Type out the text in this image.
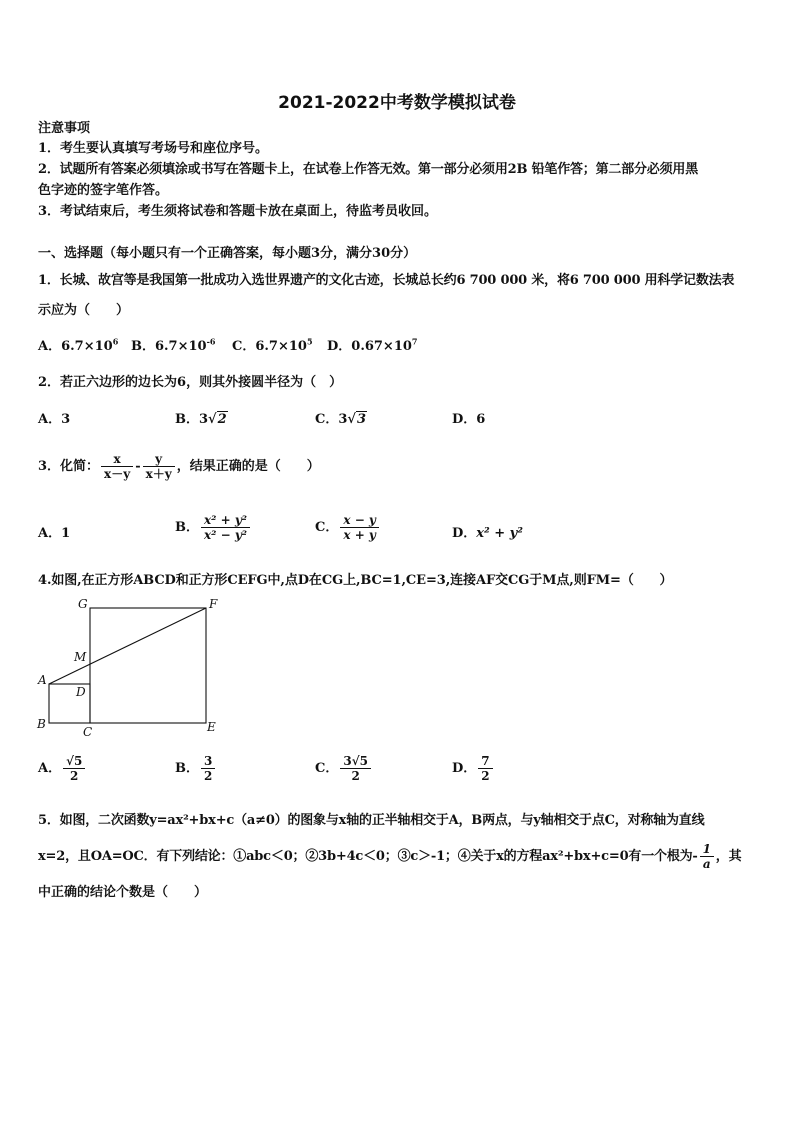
2021-2022中考数学模拟试卷
注意事项
1．考生要认真填写考场号和座位序号。
2．试题所有答案必须填涂或书写在答题卡上，在试卷上作答无效。第一部分必须用2B 铅笔作答；第二部分必须用黑
色字迹的签字笔作答。
3．考试结束后，考生须将试卷和答题卡放在桌面上，待监考员收回。
一、选择题（每小题只有一个正确答案，每小题3分，满分30分）
1．长城、故宫等是我国第一批成功入选世界遗产的文化古迹，长城总长约6 700 000 米，将6 700 000 用科学记数法表
示应为（　　）
A．$6.7\times 10^6$ B．$6.7\times 10^{-6}$ C．$6.7\times 10^5$ D．$0.67\times 10^7$
2．若正六边形的边长为6，则其外接圆半径为（　）
A．3	B．3√2	C．3√3	D．6
3．化简： $\frac{x}{x-y} - \frac{y}{x+y}$ ，结果正确的是（　　）
A．1	B． $\frac{\text{x² + y²}}{\text{x² − y²}}$	C． $\frac{x - y}{x + y}$	D．x² + y²
4.如图,在正方形ABCD和正方形CEFG中,点D在CG上,BC=1,CE=3,连接AF交CG于M点,则FM=（　　）
G	F
M
A
D
B
C	E
A． $\frac{√5}{2}$	B． $\frac{3}{2}$	C． $\frac{3√5}{2}$	D． $\frac{7}{2}$
5．如图，二次函数y=ax²+bx+c（a≠0）的图象与x轴的正半轴相交于A，B两点，与y轴相交于点C，对称轴为直线
x=2，且OA=OC．有下列结论：①abc＜0；②3b+4c＜0；③c＞-1；④关于x的方程ax²+bx+c=0有一个根为- $\frac{1}{a}$ ，其
中正确的结论个数是（　　）
